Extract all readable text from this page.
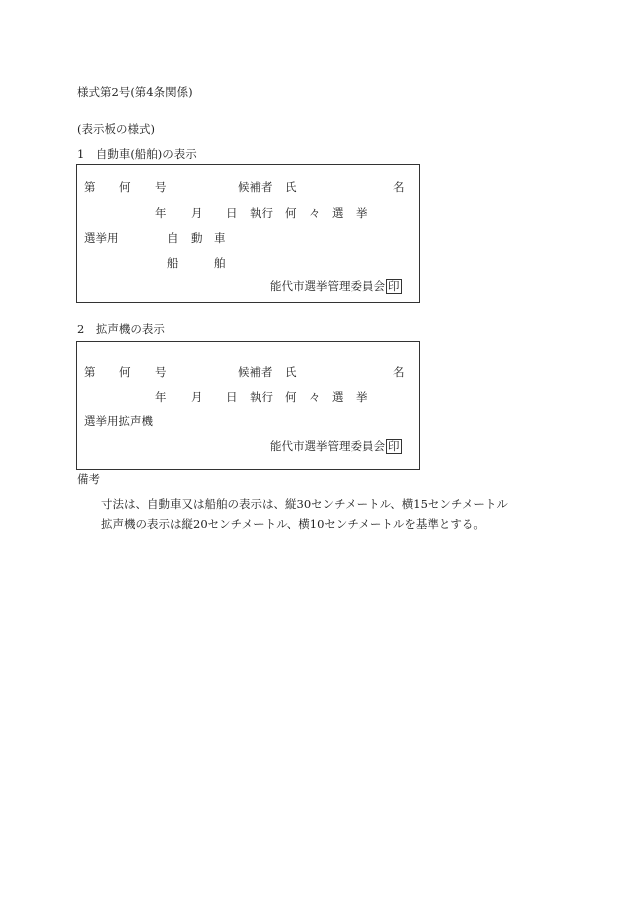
様式第2号(第4条関係)
(表示板の様式)
1　自動車(船舶)の表示
第 何 号	候補者 氏	名
年 月 日 執行 何 々 選 挙
選挙用	自 動 車
船	舶
能代市選挙管理委員会 印
2　拡声機の表示
第 何 号	候補者 氏	名
年 月 日 執行 何 々 選 挙
選挙用拡声機
能代市選挙管理委員会 印
備考
寸法は、自動車又は船舶の表示は、縦30センチメートル、横15センチメートル
拡声機の表示は縦20センチメートル、横10センチメートルを基準とする。
